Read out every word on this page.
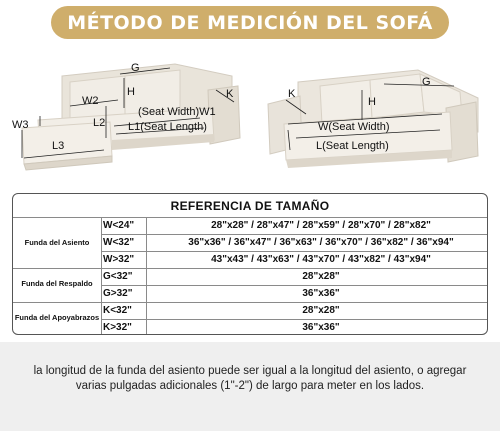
MÉTODO DE MEDICIÓN DEL SOFÁ
G
H	K
W2
(Seat Width)W1
W3	L2 L1(Seat Length)
L3
K
G
H
W(Seat Width)
L(Seat Length)
REFERENCIA DE TAMAÑO
Funda del Asiento
W<24"	28"x28" / 28"x47" / 28"x59" / 28"x70" / 28"x82"
W<32"	36"x36" / 36"x47" / 36"x63" / 36"x70" / 36"x82" / 36"x94"
W>32"	43"x43" / 43"x63" / 43"x70" / 43"x82" / 43"x94"
Funda del Respaldo
G<32"	28"x28"
G>32"	36"x36"
Funda del Apoyabrazos
K<32"	28"x28"
K>32"	36"x36"

la longitud de la funda del asiento puede ser igual a la longitud del asiento, o agregar varias pulgadas adicionales (1"-2") de largo para meter en los lados.
